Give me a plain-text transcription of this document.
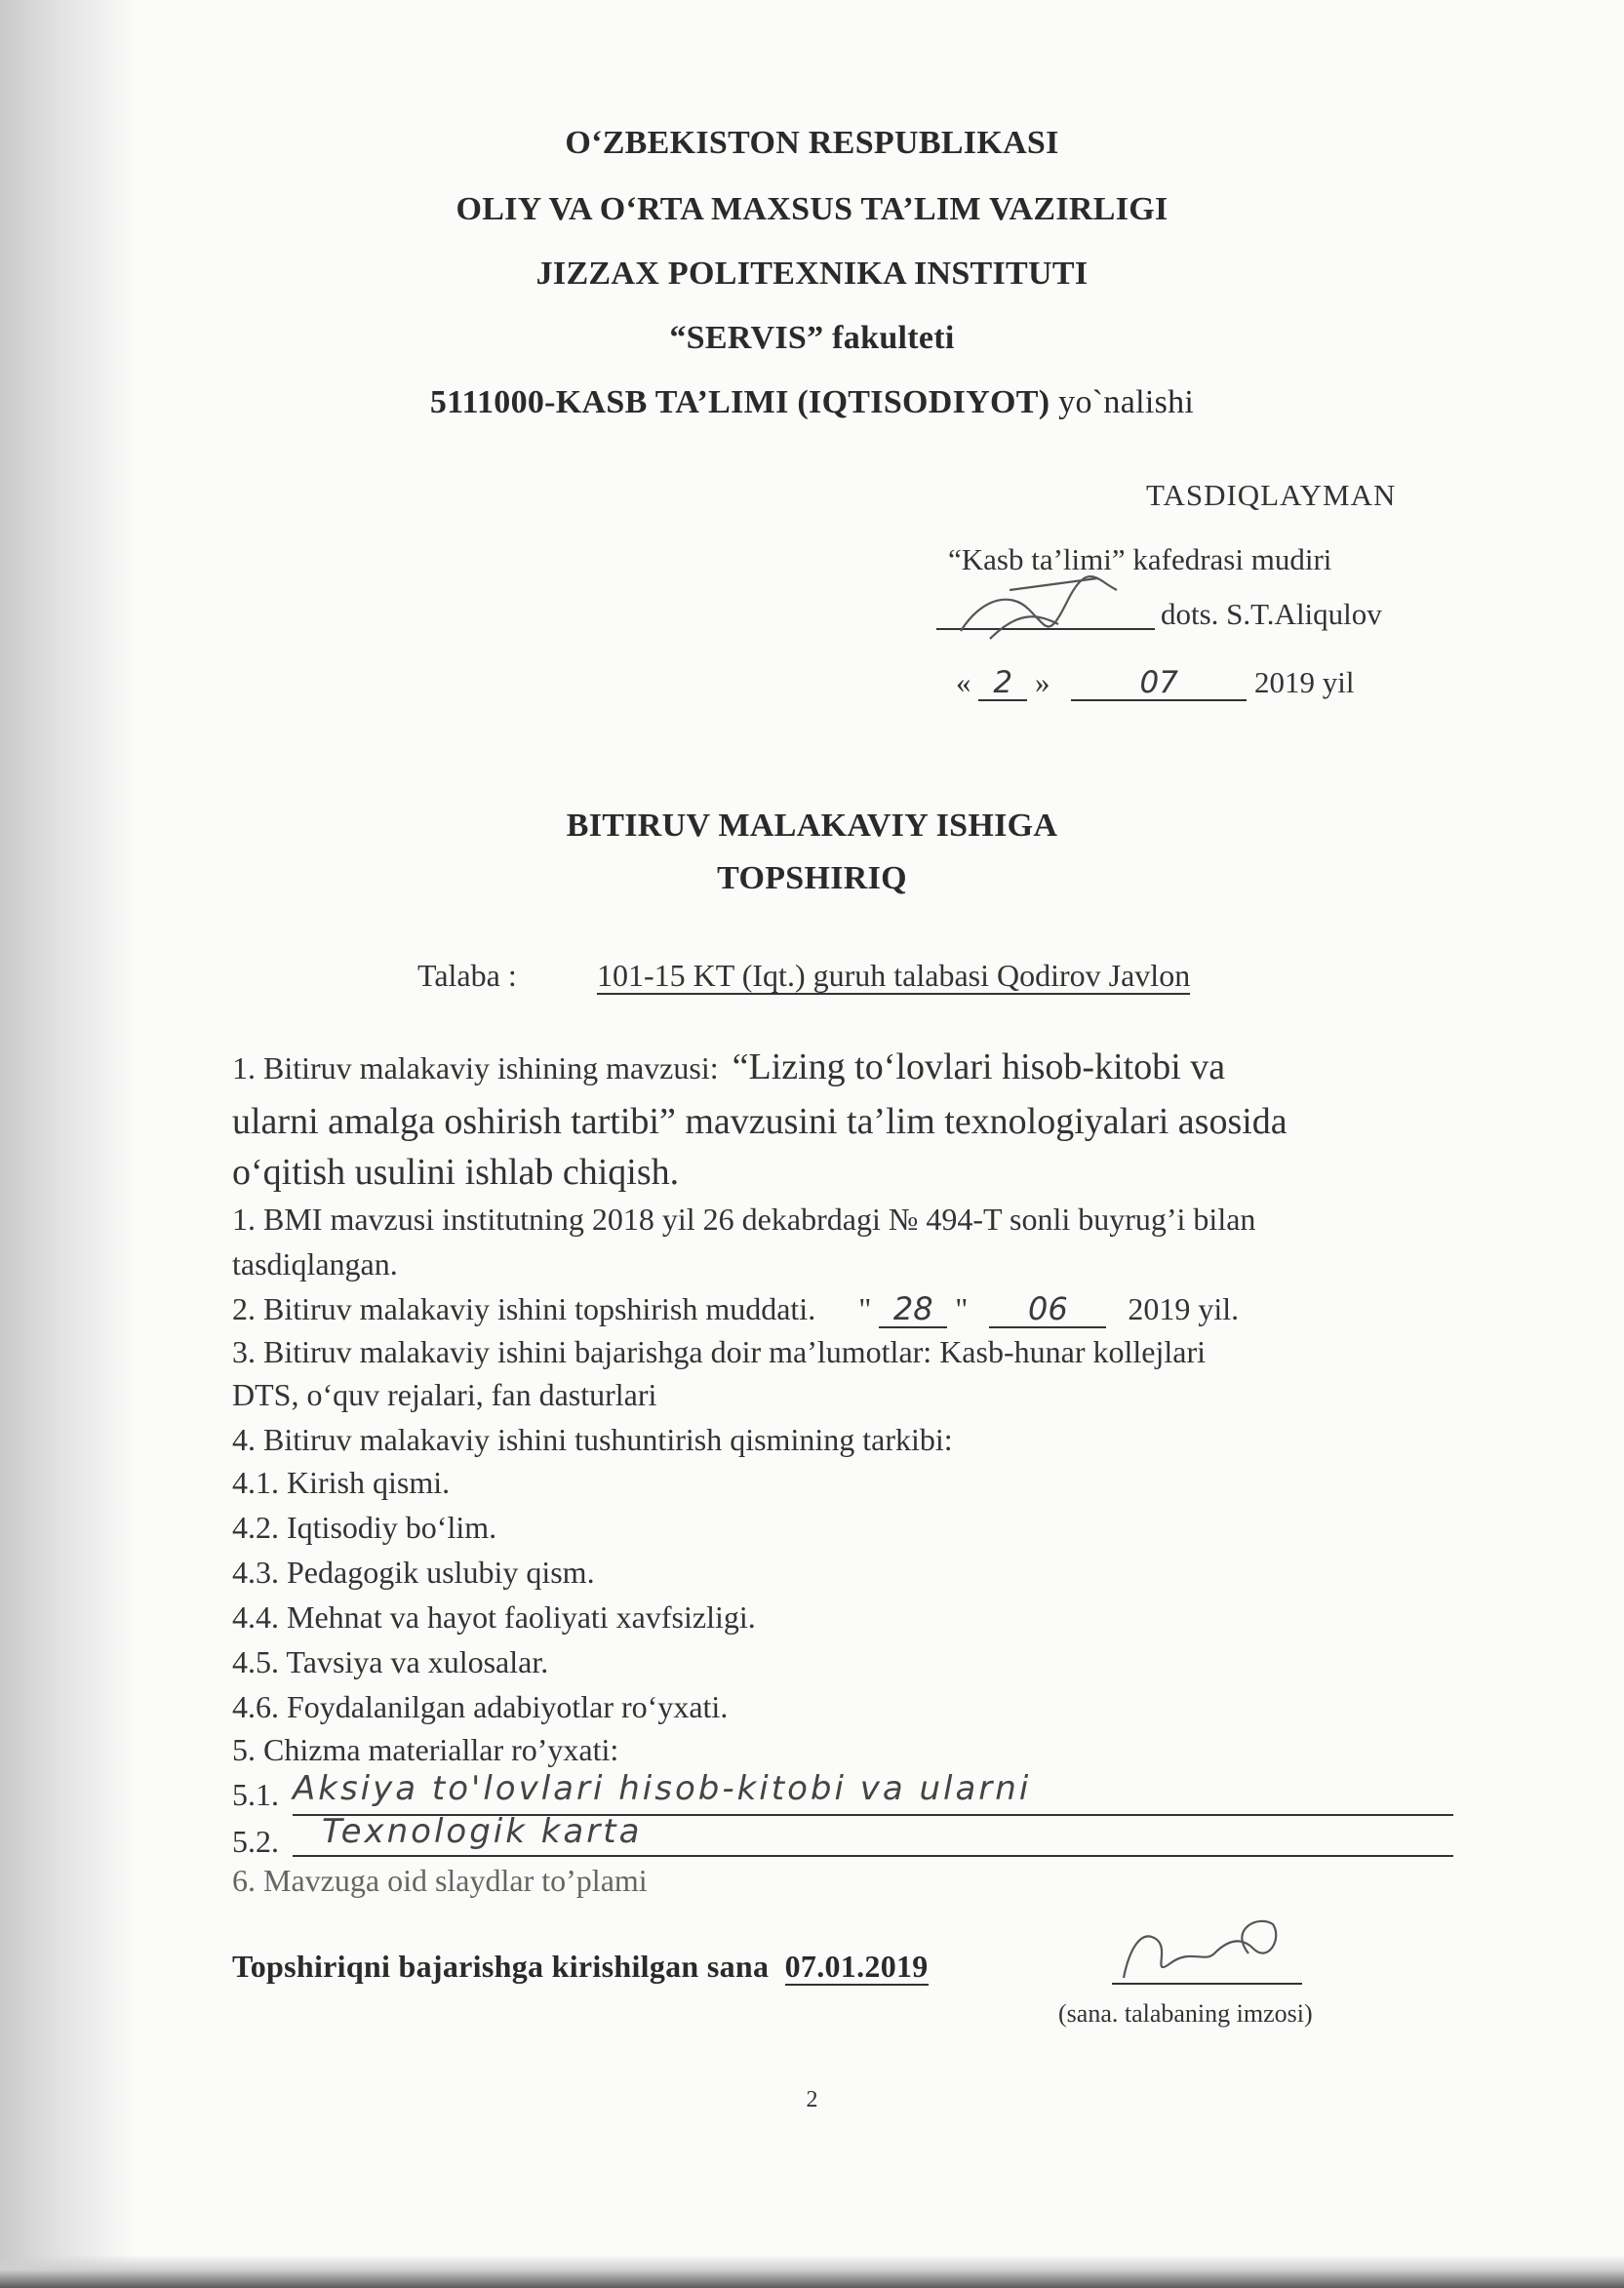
O‘ZBEKISTON RESPUBLIKASI
OLIY VA O‘RTA MAXSUS TA’LIM VAZIRLIGI
JIZZAX POLITEXNIKA INSTITUTI
“SERVIS” fakulteti
5111000-KASB TA’LIMI (IQTISODIYOT) yo`nalishi
TASDIQLAYMAN
“Kasb ta’limi” kafedrasi mudiri
dots. S.T.Aliqulov
« 2 »	07	2019 yil
BITIRUV MALAKAVIY ISHIGA
TOPSHIRIQ
Talaba :	101-15 KT (Iqt.) guruh talabasi Qodirov Javlon
1. Bitiruv malakaviy ishining mavzusi: “Lizing to‘lovlari hisob-kitobi va
ularni amalga oshirish tartibi” mavzusini ta’lim texnologiyalari asosida
o‘qitish usulini ishlab chiqish.
1. BMI mavzusi institutning 2018 yil 26 dekabrdagi № 494-T sonli buyrug’i bilan
tasdiqlangan.
2. Bitiruv malakaviy ishini topshirish muddati. " 28 " 06 2019 yil.
3. Bitiruv malakaviy ishini bajarishga doir ma’lumotlar: Kasb-hunar kollejlari
DTS, o‘quv rejalari, fan dasturlari
4. Bitiruv malakaviy ishini tushuntirish qismining tarkibi:
4.1. Kirish qismi.
4.2. Iqtisodiy bo‘lim.
4.3. Pedagogik uslubiy qism.
4.4. Mehnat va hayot faoliyati xavfsizligi.
4.5. Tavsiya va xulosalar.
4.6. Foydalanilgan adabiyotlar ro‘yxati.
5. Chizma materiallar ro’yxati:
5.1. Aksiya to'lovlari hisob-kitobi va ularni
5.2. Texnologik karta
6. Mavzuga oid slaydlar to’plami
Topshiriqni bajarishga kirishilgan sana 07.01.2019
(sana. talabaning imzosi)
2
